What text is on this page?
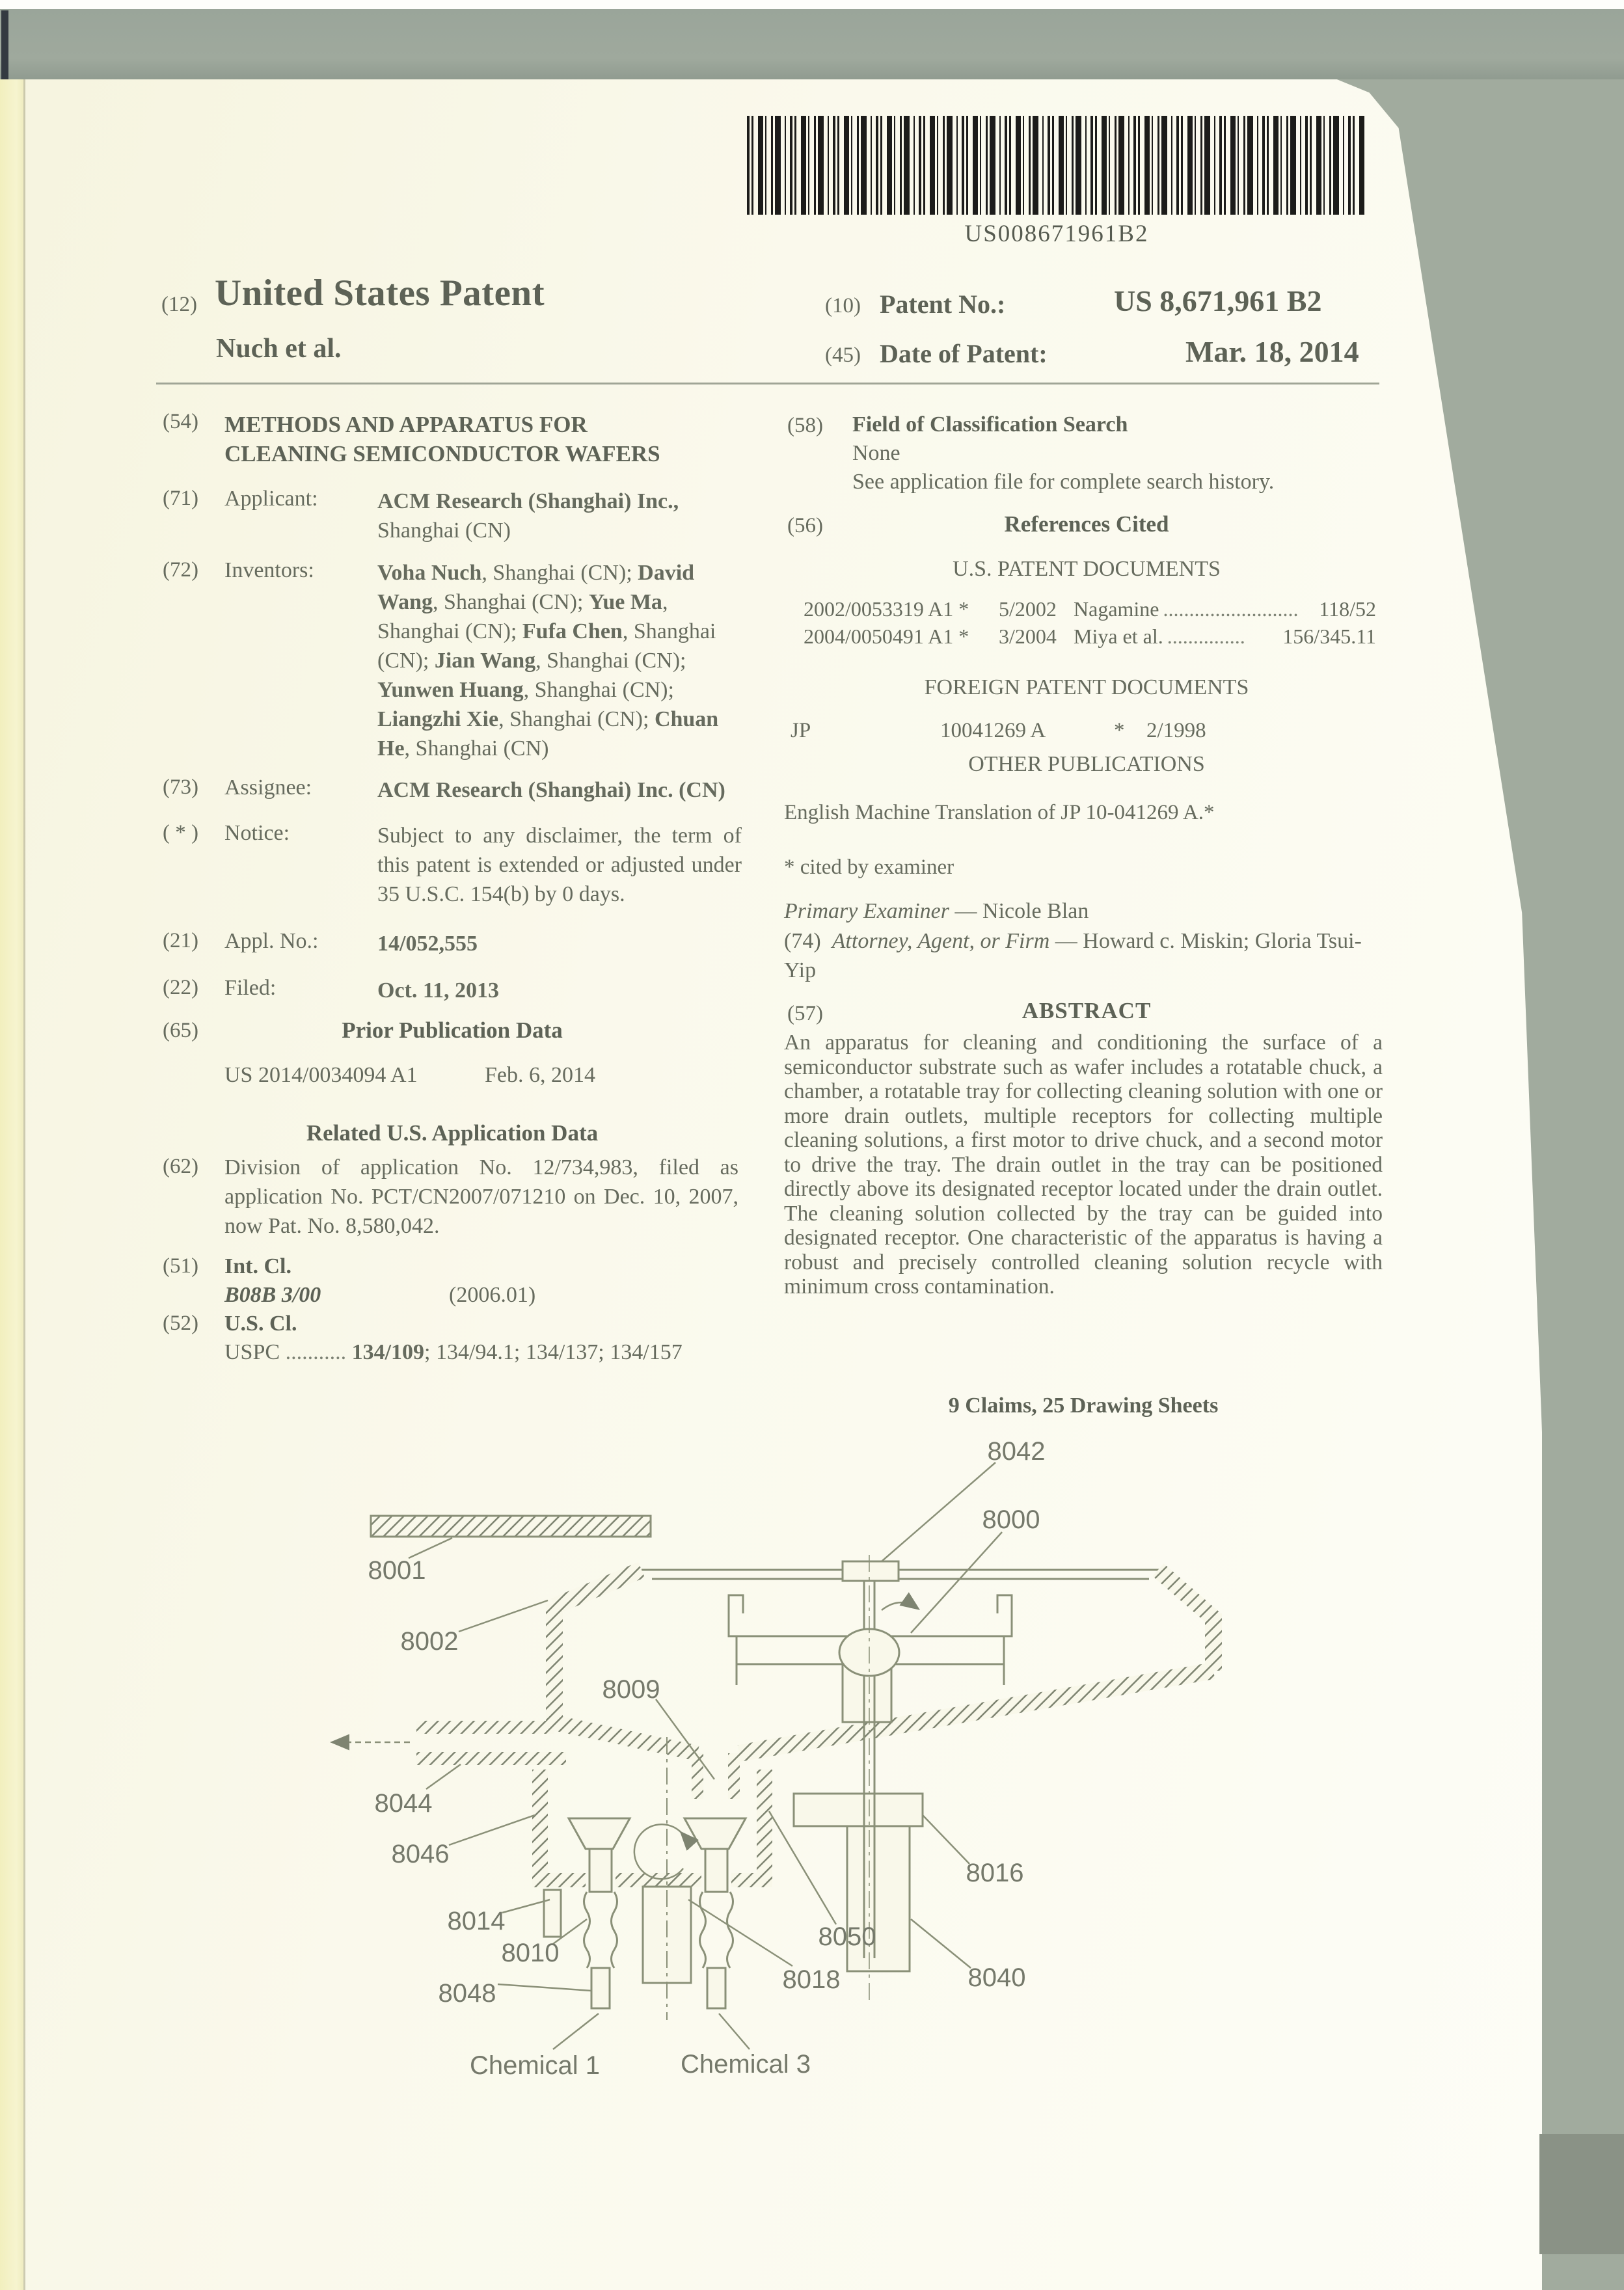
US008671961B2
(12) United States Patent
Nuch et al.
(10) Patent No.:	US 8,671,961 B2
(45) Date of Patent:	Mar. 18, 2014
(54)	METHODS AND APPARATUS FOR CLEANING SEMICONDUCTOR WAFERS
(71)	Applicant:	ACM Research (Shanghai) Inc.,
Shanghai (CN)
(72)	Inventors:	Voha Nuch, Shanghai (CN); David Wang, Shanghai (CN); Yue Ma, Shanghai (CN); Fufa Chen, Shanghai (CN); Jian Wang, Shanghai (CN); Yunwen Huang, Shanghai (CN); Liangzhi Xie, Shanghai (CN); Chuan He, Shanghai (CN)
(73)	Assignee:	ACM Research (Shanghai) Inc. (CN)
( * )	Notice:	Subject to any disclaimer, the term of this patent is extended or adjusted under 35 U.S.C. 154(b) by 0 days.
(21)	Appl. No.:	14/052,555
(22)	Filed:	Oct. 11, 2013
(65)	Prior Publication Data
US 2014/0034094 A1	Feb. 6, 2014
Related U.S. Application Data
(62) Division of application No. 12/734,983, filed as application No. PCT/CN2007/071210 on Dec. 10, 2007, now Pat. No. 8,580,042.
(51) Int. Cl.
B08B 3/00	(2006.01)
(52) U.S. Cl.
USPC ........... 134/109; 134/94.1; 134/137; 134/157
(58) Field of Classification Search
None
See application file for complete search history.
(56)	References Cited
U.S. PATENT DOCUMENTS
2002/0053319 A1 *	5/2002 Nagamine .......................... 118/52
2004/0050491 A1 *	3/2004 Miya et al. ...............	156/345.11
FOREIGN PATENT DOCUMENTS
JP	10041269 A	* 2/1998
OTHER PUBLICATIONS
English Machine Translation of JP 10-041269 A.*
* cited by examiner
Primary Examiner — Nicole Blan
(74) Attorney, Agent, or Firm — Howard c. Miskin; Gloria Tsui-Yip
(57)	ABSTRACT
An apparatus for cleaning and conditioning the surface of a semiconductor substrate such as wafer includes a rotatable chuck, a chamber, a rotatable tray for collecting cleaning solution with one or more drain outlets, multiple receptors for collecting multiple cleaning solutions, a first motor to drive chuck, and a second motor to drive the tray. The drain outlet in the tray can be positioned directly above its designated receptor located under the drain outlet. The cleaning solution collected by the tray can be guided into designated receptor. One characteristic of the apparatus is having a robust and precisely controlled cleaning solution recycle with minimum cross contamination.
9 Claims, 25 Drawing Sheets
8001
8042
8000
8002
8009
8044
8046
8014
8010
8048	8018
8050
8016
8040
Chemical 1	Chemical 3
